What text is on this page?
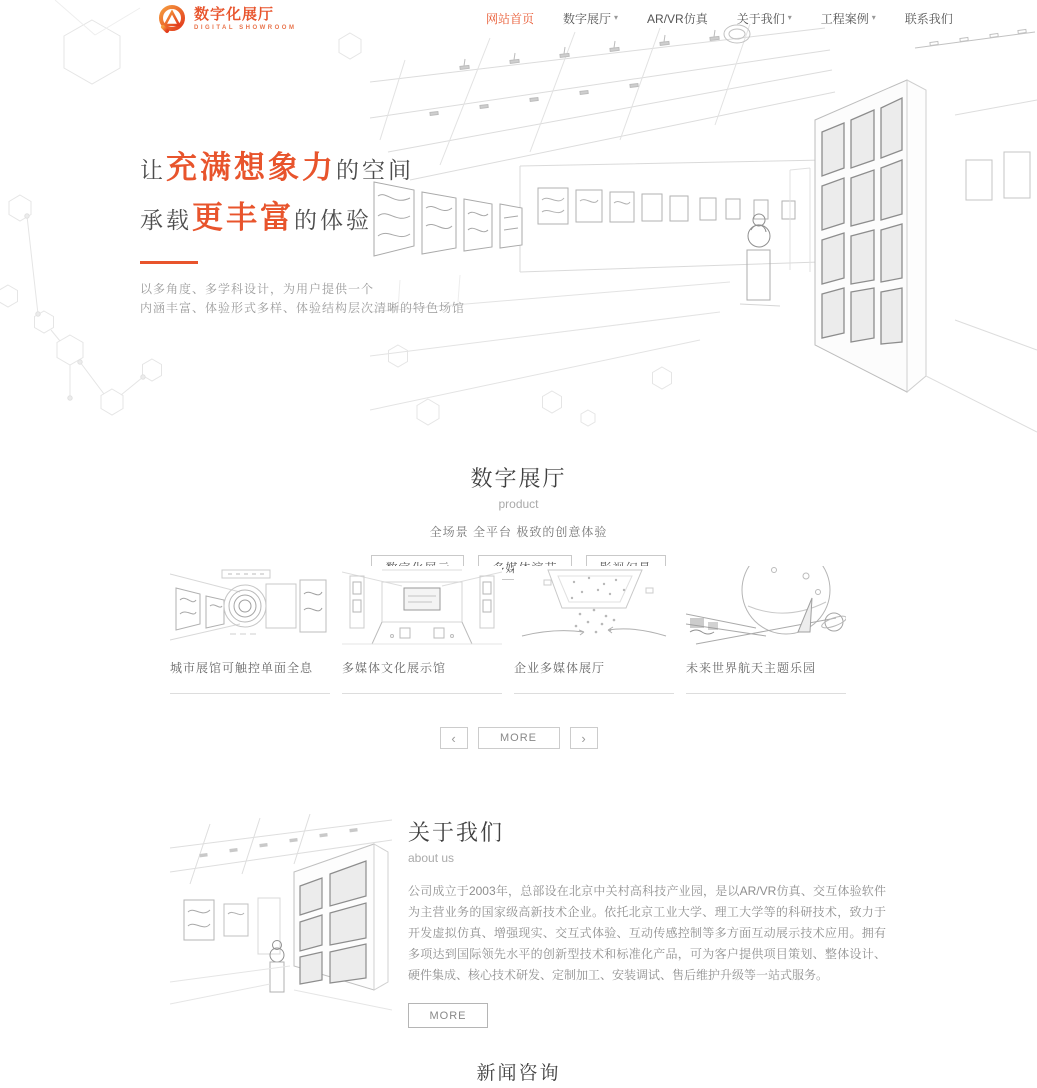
让充满想象力的空间
承载更丰富的体验
以多角度、多学科设计，为用户提供一个
内涵丰富、体验形式多样、体验结构层次清晰的特色场馆
数字化展厅
DIGITAL SHOWROOM
网站首页 数字展厅 ▾ AR/VR仿真 关于我们 ▾ 工程案例 ▾ 联系我们
数字展厅
product
全场景 全平台 极致的创意体验
城市展馆可触控单面全息	多媒体文化展示馆	企业多媒体展厅	未来世界航天主题乐园
‹	MORE	›
关于我们
about us
公司成立于2003年，总部设在北京中关村高科技产业园，是以AR/VR仿真、交互体验软件为主营业务的国家级高新技术企业。依托北京工业大学、理工大学等的科研技术，致力于开发虚拟仿真、增强现实、交互式体验、互动传感控制等多方面互动展示技术应用。拥有多项达到国际领先水平的创新型技术和标准化产品，可为客户提供项目策划、整体设计、硬件集成、核心技术研发、定制加工、安装调试、售后维护升级等一站式服务。
MORE
新闻咨询
